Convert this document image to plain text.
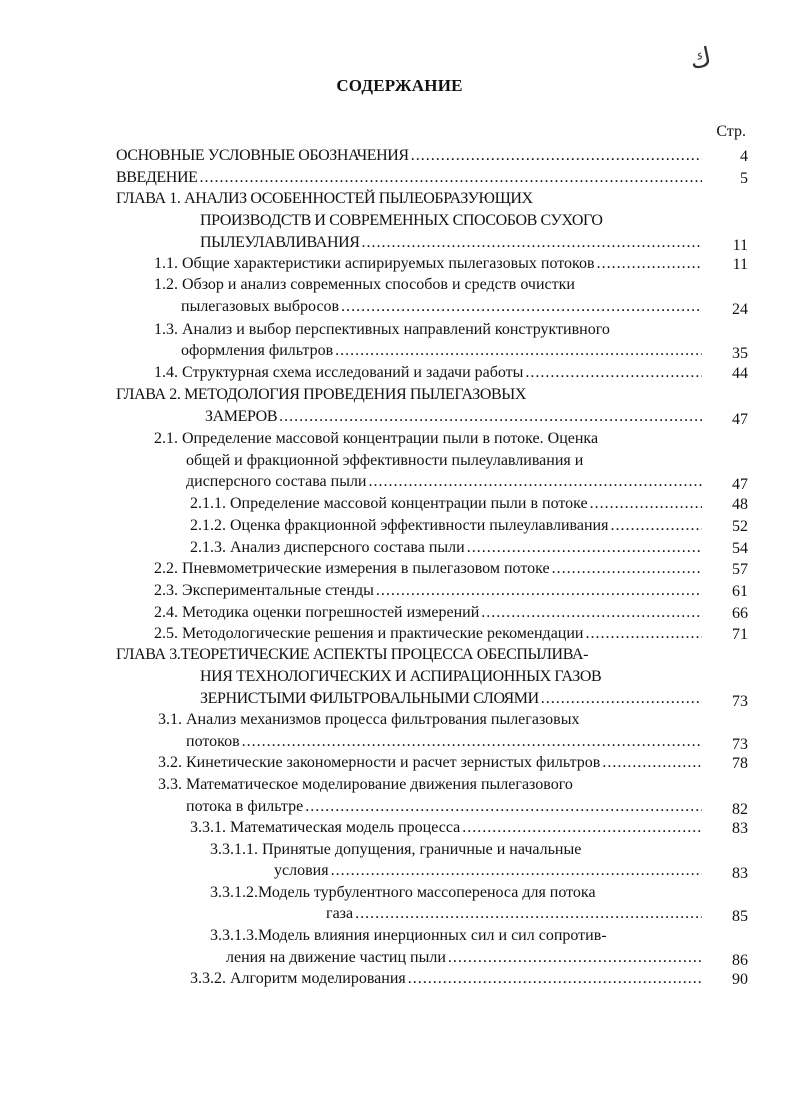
ك
СОДЕРЖАНИЕ
Стр.
ОСНОВНЫЕ УСЛОВНЫЕ ОБОЗНАЧЕНИЯ .....	4
ВВЕДЕНИЕ .....	5
ГЛАВА 1. АНАЛИЗ ОСОБЕННОСТЕЙ ПЫЛЕОБРАЗУЮЩИХ
ПРОИЗВОДСТВ И СОВРЕМЕННЫХ СПОСОБОВ СУХОГО
ПЫЛЕУЛАВЛИВАНИЯ .....	11
1.1. Общие характеристики аспирируемых пылегазовых потоков .....	11
1.2. Обзор и анализ современных способов и средств очистки
пылегазовых выбросов .....	24
1.3. Анализ и выбор перспективных направлений конструктивного
оформления фильтров .....	35
1.4. Структурная схема исследований и задачи работы .....	44
ГЛАВА 2. МЕТОДОЛОГИЯ ПРОВЕДЕНИЯ ПЫЛЕГАЗОВЫХ
ЗАМЕРОВ .....	47
2.1. Определение массовой концентрации пыли в потоке. Оценка
общей и фракционной эффективности пылеулавливания и
дисперсного состава пыли .....	47
2.1.1. Определение массовой концентрации пыли в потоке .....	48
2.1.2. Оценка фракционной эффективности пылеулавливания .....	52
2.1.3. Анализ дисперсного состава пыли .....	54
2.2. Пневмометрические измерения в пылегазовом потоке .....	57
2.3. Экспериментальные стенды .....	61
2.4. Методика оценки погрешностей измерений .....	66
2.5. Методологические решения и практические рекомендации .....	71
ГЛАВА 3.ТЕОРЕТИЧЕСКИЕ АСПЕКТЫ ПРОЦЕССА ОБЕСПЫЛИВА-
НИЯ ТЕХНОЛОГИЧЕСКИХ И АСПИРАЦИОННЫХ ГАЗОВ
ЗЕРНИСТЫМИ ФИЛЬТРОВАЛЬНЫМИ СЛОЯМИ .....	73
3.1. Анализ механизмов процесса фильтрования пылегазовых
потоков .....	73
3.2. Кинетические закономерности и расчет зернистых фильтров .....	78
3.3. Математическое моделирование движения пылегазового
потока в фильтре .....	82
3.3.1. Математическая модель процесса .....	83
3.3.1.1. Принятые допущения, граничные и начальные
условия .....	83
3.3.1.2.Модель турбулентного массопереноса для потока
газа .....	85
3.3.1.3.Модель влияния инерционных сил и сил сопротив-
ления на движение частиц пыли .....	86
3.3.2. Алгоритм моделирования .....	90
